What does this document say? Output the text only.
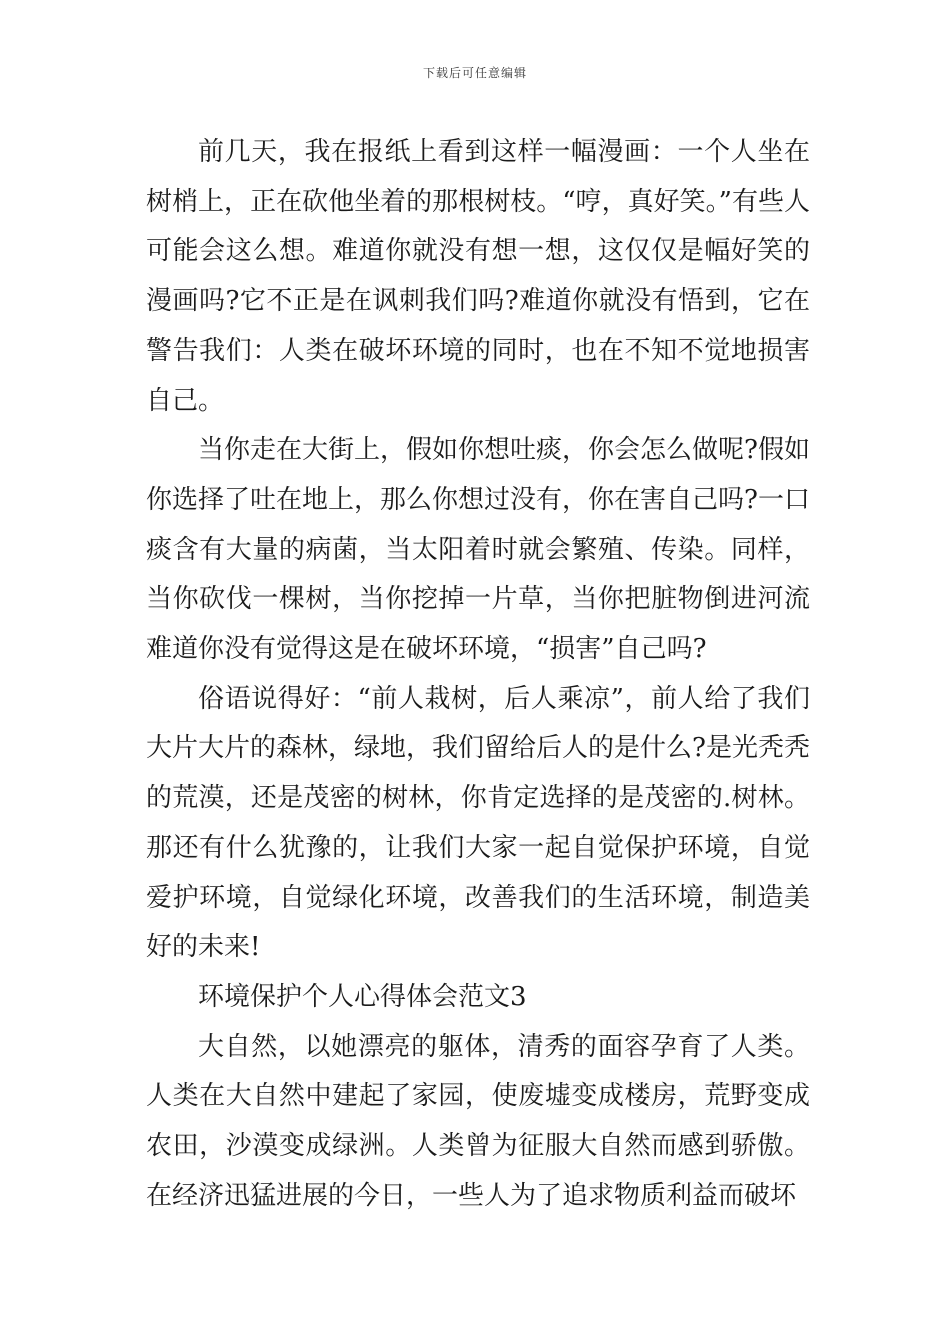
下载后可任意编辑

前几天，我在报纸上看到这样一幅漫画：一个人坐在树梢上，正在砍他坐着的那根树枝。“哼，真好笑。”有些人可能会这么想。难道你就没有想一想，这仅仅是幅好笑的漫画吗?它不正是在讽刺我们吗?难道你就没有悟到，它在警告我们：人类在破坏环境的同时，也在不知不觉地损害自己。

当你走在大街上，假如你想吐痰，你会怎么做呢?假如你选择了吐在地上，那么你想过没有，你在害自己吗?一口痰含有大量的病菌，当太阳着时就会繁殖、传染。同样，当你砍伐一棵树，当你挖掉一片草，当你把脏物倒进河流难道你没有觉得这是在破坏环境，“损害”自己吗?

俗语说得好：“前人栽树，后人乘凉”，前人给了我们大片大片的森林，绿地，我们留给后人的是什么?是光秃秃的荒漠，还是茂密的树林，你肯定选择的是茂密的.树林。那还有什么犹豫的，让我们大家一起自觉保护环境，自觉爱护环境，自觉绿化环境，改善我们的生活环境，制造美好的未来!

环境保护个人心得体会范文3

大自然，以她漂亮的躯体，清秀的面容孕育了人类。人类在大自然中建起了家园，使废墟变成楼房，荒野变成农田，沙漠变成绿洲。人类曾为征服大自然而感到骄傲。在经济迅猛进展的今日，一些人为了追求物质利益而破坏
